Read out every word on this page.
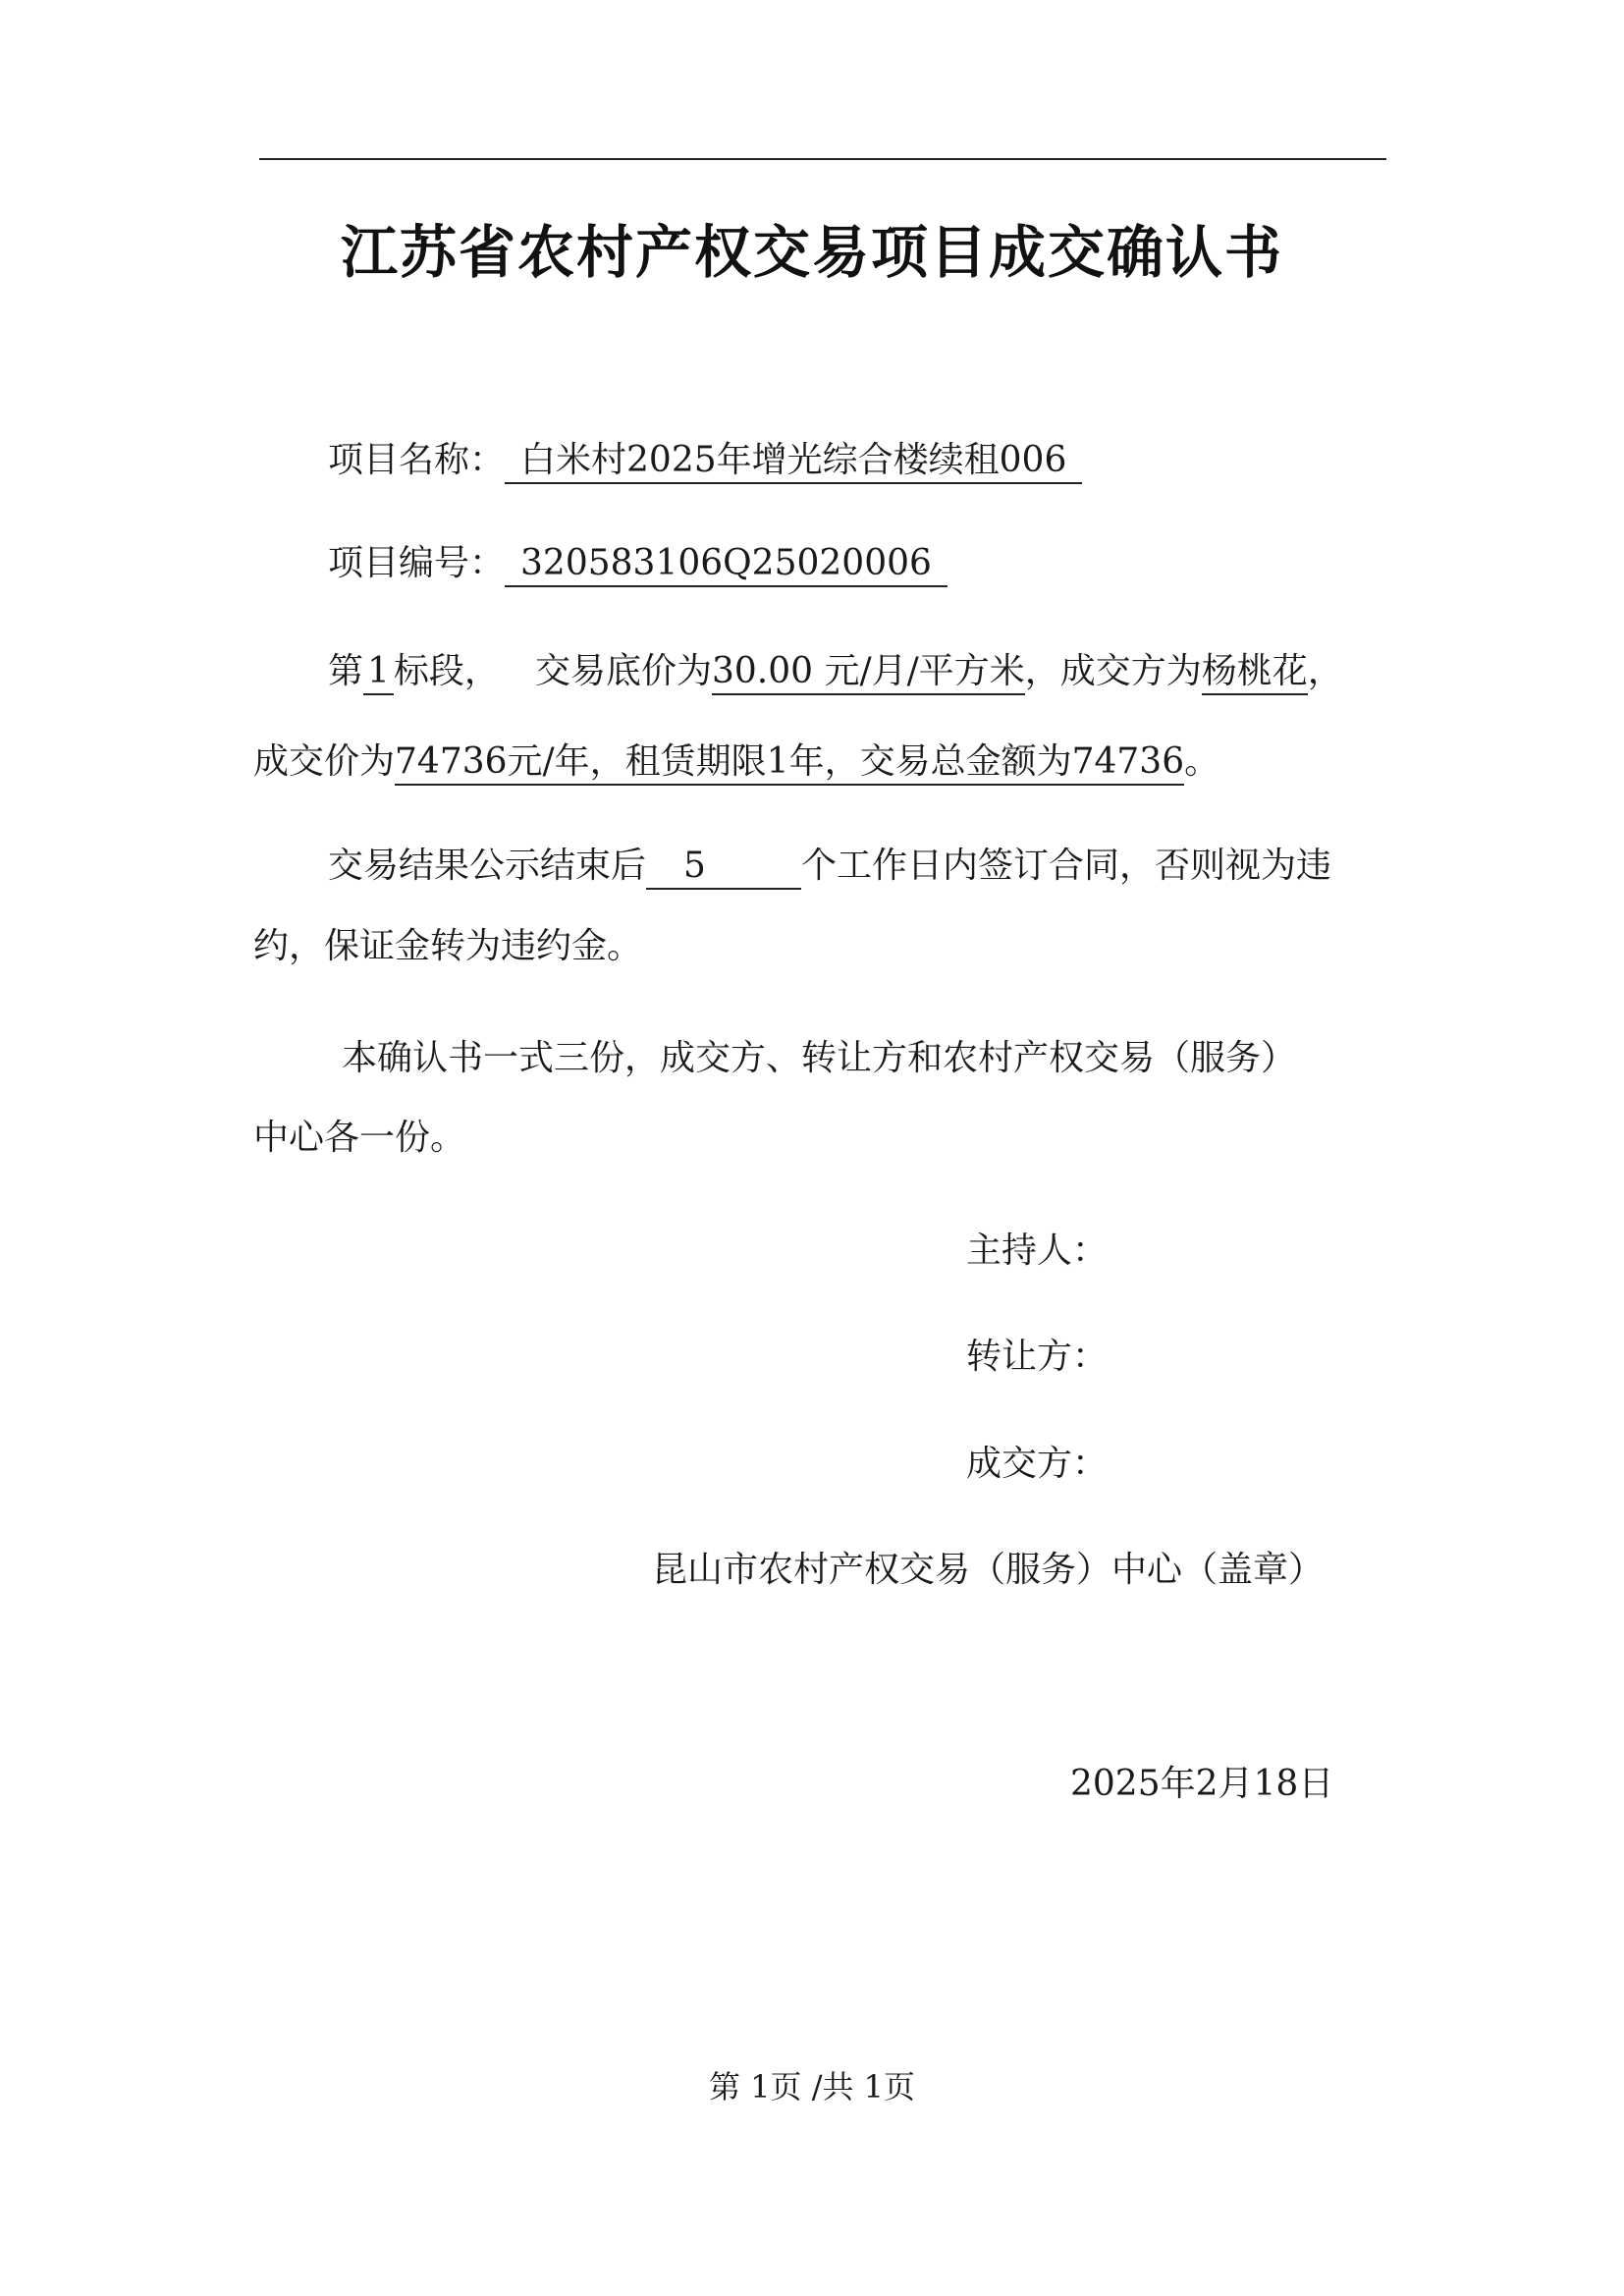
江苏省农村产权交易项目成交确认书
项目名称： 白米村2025年增光综合楼续租006
项目编号： 320583106Q25020006
第 1 标段， 交易底价为30.00 元/月/平方米，成交方为杨桃花，
成交价为74736元/年，租赁期限1年，交易总金额为74736。
交易结果公示结束后 5	个工作日内签订合同，否则视为违
约，保证金转为违约金。
本确认书一式三份，成交方、转让方和农村产权交易（服务）
中心各一份。
主持人：
转让方：
成交方：
昆山市农村产权交易（服务）中心（盖章）
2025年2月18日
第 1页 /共 1页
